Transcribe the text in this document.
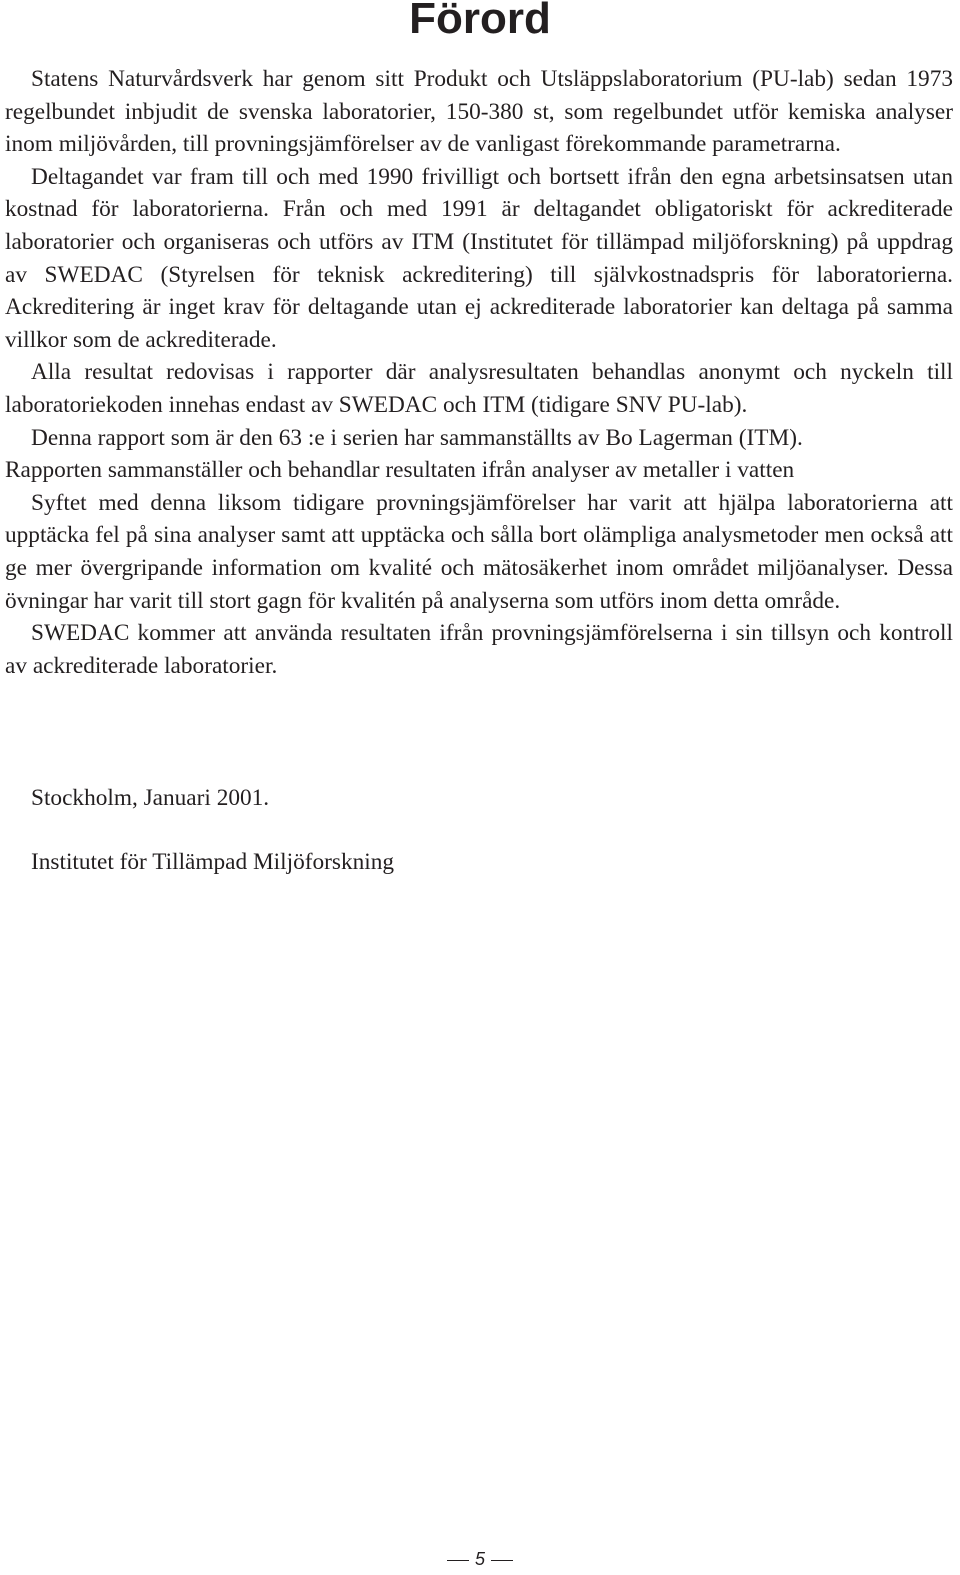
Förord

Statens Naturvårdsverk har genom sitt Produkt och Utsläppslaboratorium (PU-lab) sedan 1973 regelbundet inbjudit de svenska laboratorier, 150-380 st, som regelbundet utför kemiska analyser inom miljövården, till provningsjämförelser av de vanligast förekommande parametrarna.

Deltagandet var fram till och med 1990 frivilligt och bortsett ifrån den egna arbetsinsatsen utan kostnad för laboratorierna. Från och med 1991 är deltagandet obligatoriskt för ackrediterade laboratorier och organiseras och utförs av ITM (Institutet för tillämpad miljöforskning) på uppdrag av SWEDAC (Styrelsen för teknisk ackreditering) till självkostnadspris för laboratorierna. Ackreditering är inget krav för deltagande utan ej ackrediterade laboratorier kan deltaga på samma villkor som de ackrediterade.

Alla resultat redovisas i rapporter där analysresultaten behandlas anonymt och nyckeln till laboratoriekoden innehas endast av SWEDAC och ITM (tidigare SNV PU-lab).

Denna rapport som är den 63 :e i serien har sammanställts av Bo Lagerman (ITM).

Rapporten sammanställer och behandlar resultaten ifrån analyser av metaller i vatten

Syftet med denna liksom tidigare provningsjämförelser har varit att hjälpa laboratorierna att upptäcka fel på sina analyser samt att upptäcka och sålla bort olämpliga analysmetoder men också att ge mer övergripande information om kvalité och mätosäkerhet inom området miljöanalyser. Dessa övningar har varit till stort gagn för kvalitén på analyserna som utförs inom detta område.

SWEDAC kommer att använda resultaten ifrån provningsjämförelserna i sin tillsyn och kontroll av ackrediterade laboratorier.

Stockholm, Januari 2001.

Institutet för Tillämpad Miljöforskning

5
